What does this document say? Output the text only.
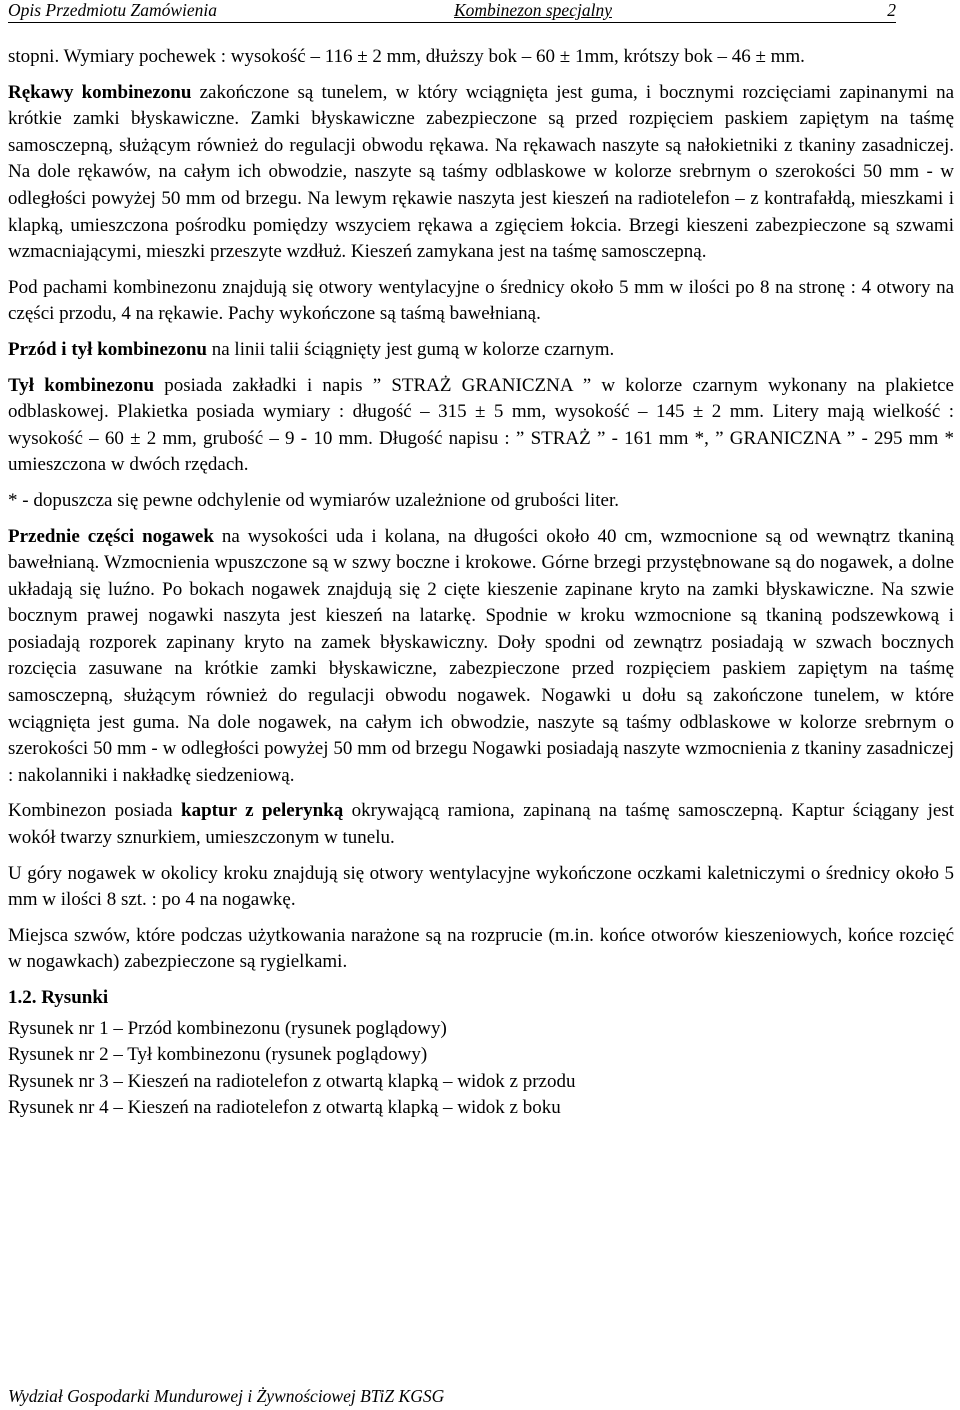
Opis Przedmiotu Zamówienia	Kombinezon specjalny	2

stopni. Wymiary pochewek : wysokość – 116 ± 2 mm, dłuższy bok – 60 ± 1mm, krótszy bok – 46 ± mm.

Rękawy kombinezonu zakończone są tunelem, w który wciągnięta jest guma, i bocznymi rozcięciami zapinanymi na krótkie zamki błyskawiczne. Zamki błyskawiczne zabezpieczone są przed rozpięciem paskiem zapiętym na taśmę samosczepną, służącym również do regulacji obwodu rękawa. Na rękawach naszyte są nałokietniki z tkaniny zasadniczej. Na dole rękawów, na całym ich obwodzie, naszyte są taśmy odblaskowe w kolorze srebrnym o szerokości 50 mm - w odległości powyżej 50 mm od brzegu. Na lewym rękawie naszyta jest kieszeń na radiotelefon – z kontrafałdą, mieszkami i klapką, umieszczona pośrodku pomiędzy wszyciem rękawa a zgięciem łokcia. Brzegi kieszeni zabezpieczone są szwami wzmacniającymi, mieszki przeszyte wzdłuż. Kieszeń zamykana jest na taśmę samosczepną.

Pod pachami kombinezonu znajdują się otwory wentylacyjne o średnicy około 5 mm w ilości po 8 na stronę : 4 otwory na części przodu, 4 na rękawie. Pachy wykończone są taśmą bawełnianą.

Przód i tył kombinezonu na linii talii ściągnięty jest gumą w kolorze czarnym.

Tył kombinezonu posiada zakładki i napis ” STRAŻ GRANICZNA ” w kolorze czarnym wykonany na plakietce odblaskowej. Plakietka posiada wymiary : długość – 315 ± 5 mm, wysokość – 145 ± 2 mm. Litery mają wielkość : wysokość – 60 ± 2 mm, grubość – 9 - 10 mm. Długość napisu : ” STRAŻ ” - 161 mm *, ” GRANICZNA ” - 295 mm * umieszczona w dwóch rzędach.

* - dopuszcza się pewne odchylenie od wymiarów uzależnione od grubości liter.

Przednie części nogawek na wysokości uda i kolana, na długości około 40 cm, wzmocnione są od wewnątrz tkaniną bawełnianą. Wzmocnienia wpuszczone są w szwy boczne i krokowe. Górne brzegi przystębnowane są do nogawek, a dolne układają się luźno. Po bokach nogawek znajdują się 2 cięte kieszenie zapinane kryto na zamki błyskawiczne. Na szwie bocznym prawej nogawki naszyta jest kieszeń na latarkę. Spodnie w kroku wzmocnione są tkaniną podszewkową i posiadają rozporek zapinany kryto na zamek błyskawiczny. Doły spodni od zewnątrz posiadają w szwach bocznych rozcięcia zasuwane na krótkie zamki błyskawiczne, zabezpieczone przed rozpięciem paskiem zapiętym na taśmę samosczepną, służącym również do regulacji obwodu nogawek. Nogawki u dołu są zakończone tunelem, w które wciągnięta jest guma. Na dole nogawek, na całym ich obwodzie, naszyte są taśmy odblaskowe w kolorze srebrnym o szerokości 50 mm - w odległości powyżej 50 mm od brzegu Nogawki posiadają naszyte wzmocnienia z tkaniny zasadniczej : nakolanniki i nakładkę siedzeniową.

Kombinezon posiada kaptur z pelerynką okrywającą ramiona, zapinaną na taśmę samosczepną. Kaptur ściągany jest wokół twarzy sznurkiem, umieszczonym w tunelu.

U góry nogawek w okolicy kroku znajdują się otwory wentylacyjne wykończone oczkami kaletniczymi o średnicy około 5 mm w ilości 8 szt. : po 4 na nogawkę.

Miejsca szwów, które podczas użytkowania narażone są na rozprucie (m.in. końce otworów kieszeniowych, końce rozcięć w nogawkach) zabezpieczone są rygielkami.

1.2. Rysunki
Rysunek nr 1 – Przód kombinezonu (rysunek poglądowy)
Rysunek nr 2 – Tył kombinezonu (rysunek poglądowy)
Rysunek nr 3 – Kieszeń na radiotelefon z otwartą klapką – widok z przodu
Rysunek nr 4 – Kieszeń na radiotelefon z otwartą klapką – widok z boku
Wydział Gospodarki Mundurowej i Żywnościowej BTiZ KGSG
